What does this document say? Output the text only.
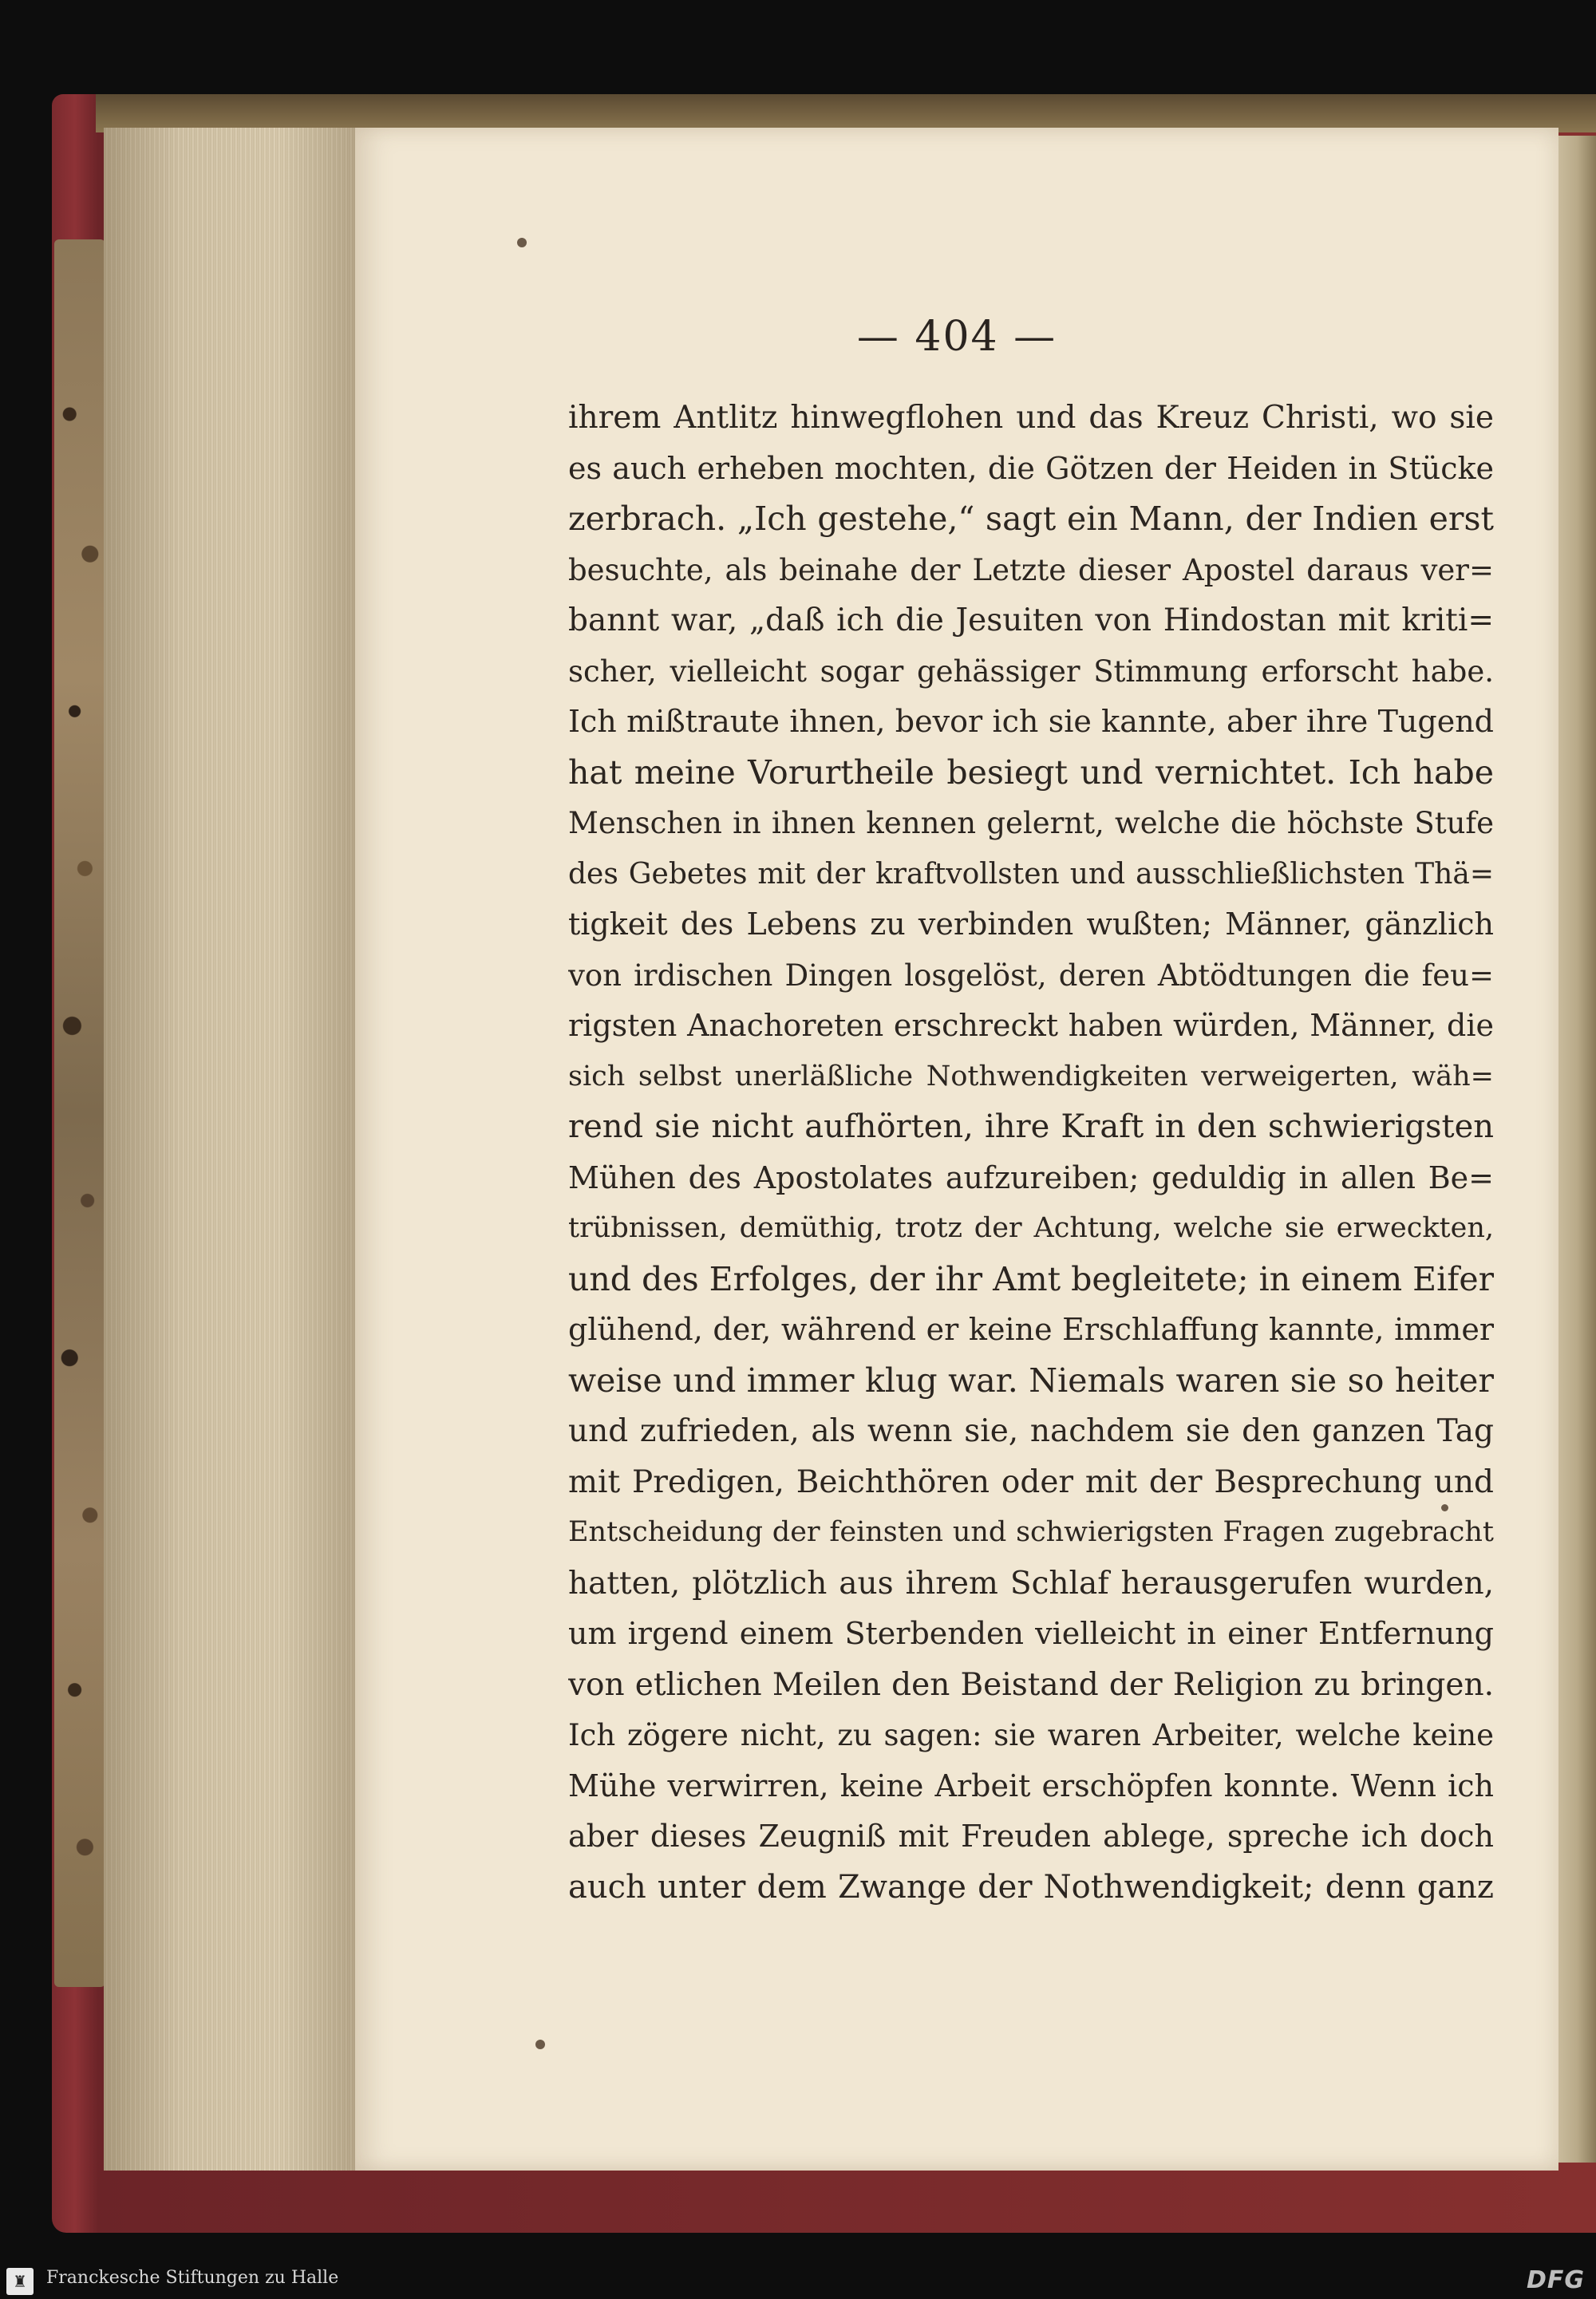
— 404 —
ihrem Antlitz hinwegflohen und das Kreuz Christi, wo sie
es auch erheben mochten, die Götzen der Heiden in Stücke
zerbrach. „Ich gestehe,“ sagt ein Mann, der Indien erst
besuchte, als beinahe der Letzte dieser Apostel daraus ver=
bannt war, „daß ich die Jesuiten von Hindostan mit kriti=
scher, vielleicht sogar gehässiger Stimmung erforscht habe.
Ich mißtraute ihnen, bevor ich sie kannte, aber ihre Tugend
hat meine Vorurtheile besiegt und vernichtet. Ich habe
Menschen in ihnen kennen gelernt, welche die höchste Stufe
des Gebetes mit der kraftvollsten und ausschließlichsten Thä=
tigkeit des Lebens zu verbinden wußten; Männer, gänzlich
von irdischen Dingen losgelöst, deren Abtödtungen die feu=
rigsten Anachoreten erschreckt haben würden, Männer, die
sich selbst unerläßliche Nothwendigkeiten verweigerten, wäh=
rend sie nicht aufhörten, ihre Kraft in den schwierigsten
Mühen des Apostolates aufzureiben; geduldig in allen Be=
trübnissen, demüthig, trotz der Achtung, welche sie erweckten,
und des Erfolges, der ihr Amt begleitete; in einem Eifer
glühend, der, während er keine Erschlaffung kannte, immer
weise und immer klug war. Niemals waren sie so heiter
und zufrieden, als wenn sie, nachdem sie den ganzen Tag
mit Predigen, Beichthören oder mit der Besprechung und
Entscheidung der feinsten und schwierigsten Fragen zugebracht
hatten, plötzlich aus ihrem Schlaf herausgerufen wurden,
um irgend einem Sterbenden vielleicht in einer Entfernung
von etlichen Meilen den Beistand der Religion zu bringen.
Ich zögere nicht, zu sagen: sie waren Arbeiter, welche keine
Mühe verwirren, keine Arbeit erschöpfen konnte. Wenn ich
aber dieses Zeugniß mit Freuden ablege, spreche ich doch
auch unter dem Zwange der Nothwendigkeit; denn ganz
♜	Franckesche Stiftungen zu Halle	DFG
